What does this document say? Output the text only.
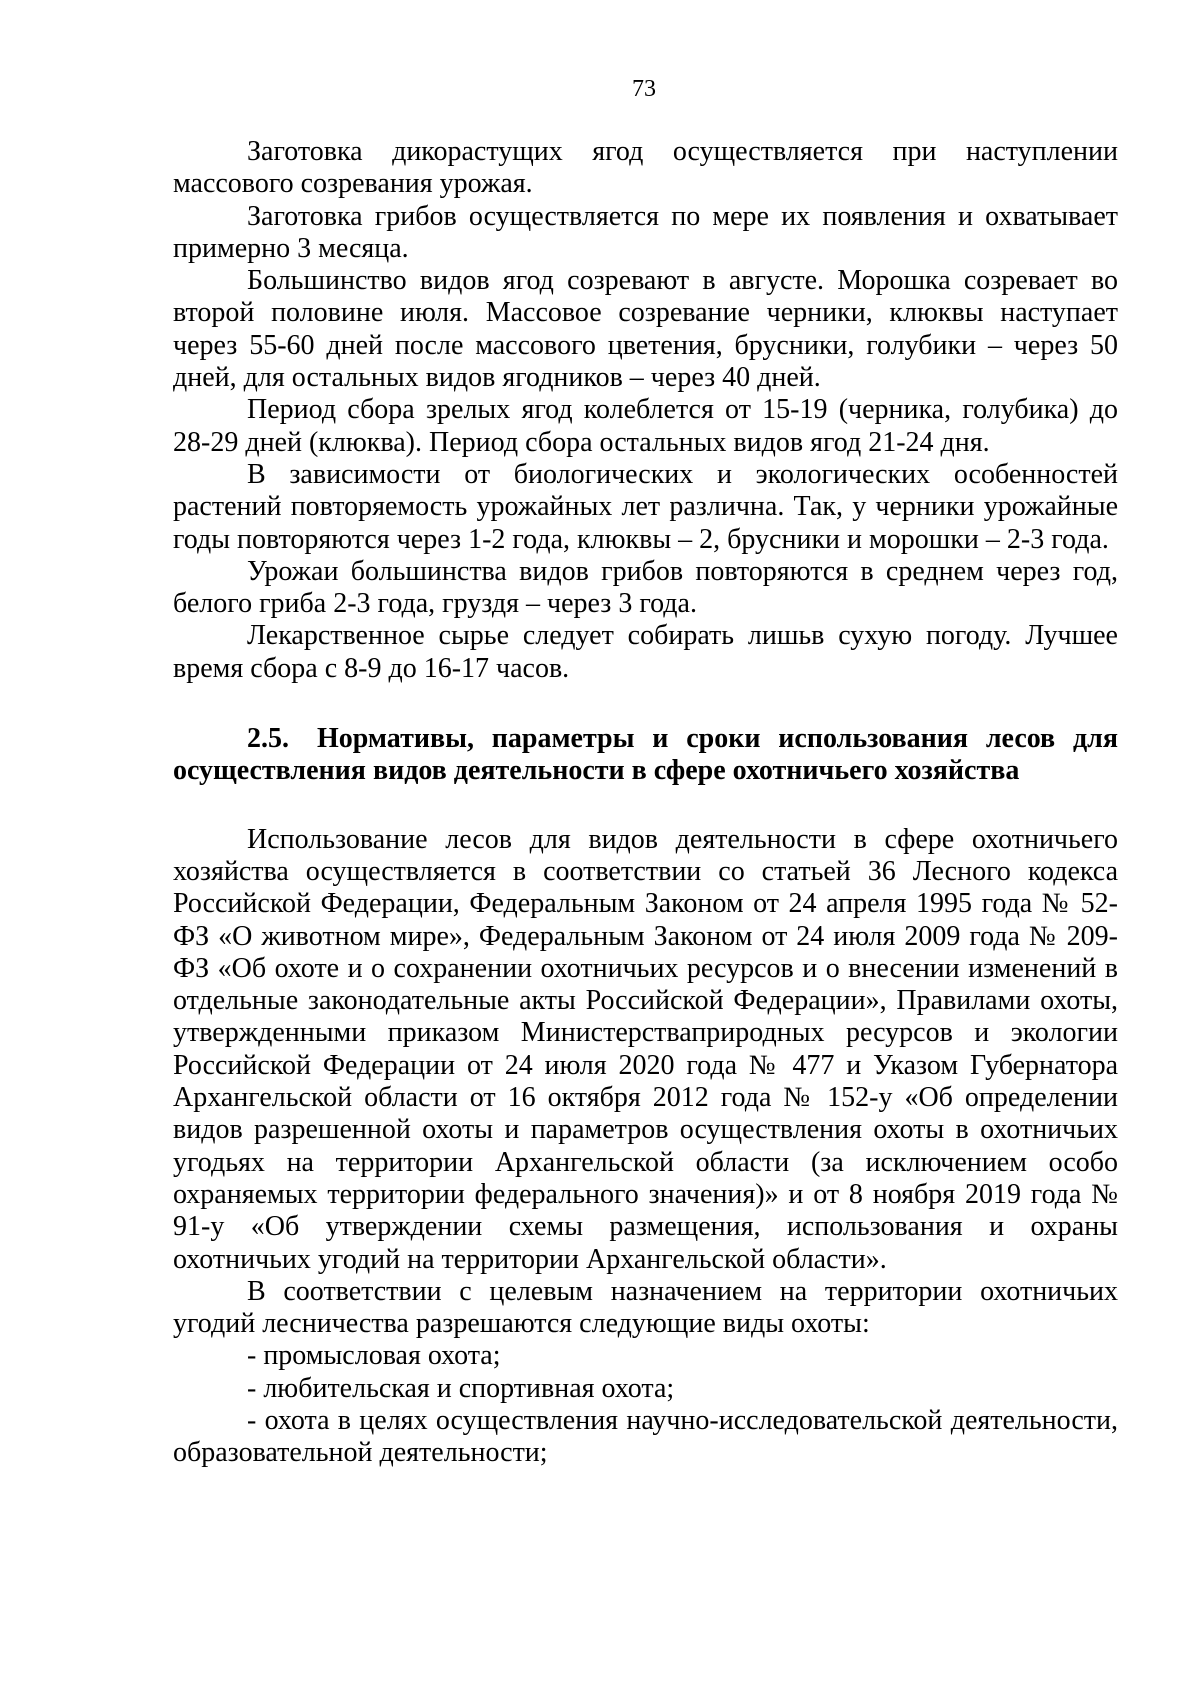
73

Заготовка дикорастущих ягод осуществляется при наступлении массового созревания урожая.

Заготовка грибов осуществляется по мере их появления и охватывает примерно 3 месяца.

Большинство видов ягод созревают в августе. Морошка созревает во второй половине июля. Массовое созревание черники, клюквы наступает через 55-60 дней после массового цветения, брусники, голубики – через 50 дней, для остальных видов ягодников – через 40 дней.

Период сбора зрелых ягод колеблется от 15-19 (черника, голубика) до 28-29 дней (клюква). Период сбора остальных видов ягод 21-24 дня.

В зависимости от биологических и экологических особенностей растений повторяемость урожайных лет различна. Так, у черники урожайные годы повторяются через 1-2 года, клюквы – 2, брусники и морошки – 2-3 года.

Урожаи большинства видов грибов повторяются в среднем через год, белого гриба 2-3 года, груздя – через 3 года.

Лекарственное сырье следует собирать лишьв сухую погоду. Лучшее время сбора с 8-9 до 16-17 часов.

2.5. Нормативы, параметры и сроки использования лесов для осуществления видов деятельности в сфере охотничьего хозяйства

Использование лесов для видов деятельности в сфере охотничьего хозяйства осуществляется в соответствии со статьей 36 Лесного кодекса Российской Федерации, Федеральным Законом от 24 апреля 1995 года № 52-ФЗ «О животном мире», Федеральным Законом от 24 июля 2009 года № 209-ФЗ «Об охоте и о сохранении охотничьих ресурсов и о внесении изменений в отдельные законодательные акты Российской Федерации», Правилами охоты, утвержденными приказом Министерстваприродных ресурсов и экологии Российской Федерации от 24 июля 2020 года № 477 и Указом Губернатора Архангельской области от 16 октября 2012 года № 152-у «Об определении видов разрешенной охоты и параметров осуществления охоты в охотничьих угодьях на территории Архангельской области (за исключением особо охраняемых территории федерального значения)» и от 8 ноября 2019 года № 91-у «Об утверждении схемы размещения, использования и охраны охотничьих угодий на территории Архангельской области».

В соответствии с целевым назначением на территории охотничьих угодий лесничества разрешаются следующие виды охоты:

- промысловая охота;

- любительская и спортивная охота;

- охота в целях осуществления научно-исследовательской деятельности, образовательной деятельности;
